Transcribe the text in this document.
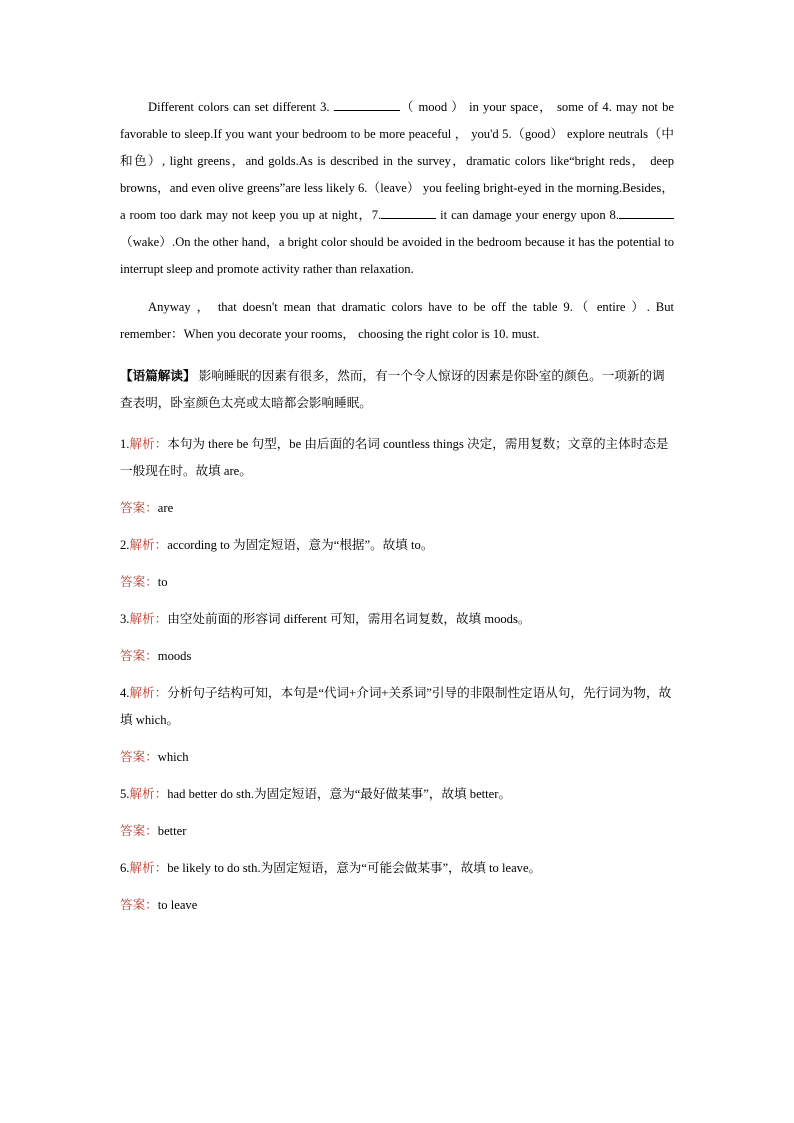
Different colors can set different 3.	（ mood ） in your space， some of 4. may not be favorable to sleep.If you want your bedroom to be more peaceful ， you'd 5.（good） explore neutrals（中和色）, light greens，and golds.As is described in the survey，dramatic colors like“bright reds， deep browns，and even olive greens”are less likely 6.（leave） you feeling bright-eyed in the morning.Besides，a room too dark may not keep you up at night，7.	it can damage your energy upon 8.（wake）.On the other hand，a bright color should be avoided in the bedroom because it has the potential to interrupt sleep and promote activity rather than relaxation.
Anyway ， that doesn't mean that dramatic colors have to be off the table 9.（ entire ）. But remember：When you decorate your rooms， choosing the right color is 10. must.
【语篇解读】 影响睡眠的因素有很多，然而，有一个令人惊讶的因素是你卧室的颜色。一项新的调查表明，卧室颜色太亮或太暗都会影响睡眠。
1.解析：本句为 there be 句型，be 由后面的名词 countless things 决定，需用复数；文章的主体时态是一般现在时。故填 are。
答案：are
2.解析：according to 为固定短语，意为“根据”。故填 to。
答案：to
3.解析：由空处前面的形容词 different 可知，需用名词复数，故填 moods。
答案：moods
4.解析：分析句子结构可知，本句是“代词+介词+关系词”引导的非限制性定语从句，先行词为物，故填 which。
答案：which
5.解析：had better do sth.为固定短语，意为“最好做某事”，故填 better。
答案：better
6.解析：be likely to do sth.为固定短语，意为“可能会做某事”，故填 to leave。
答案：to leave
